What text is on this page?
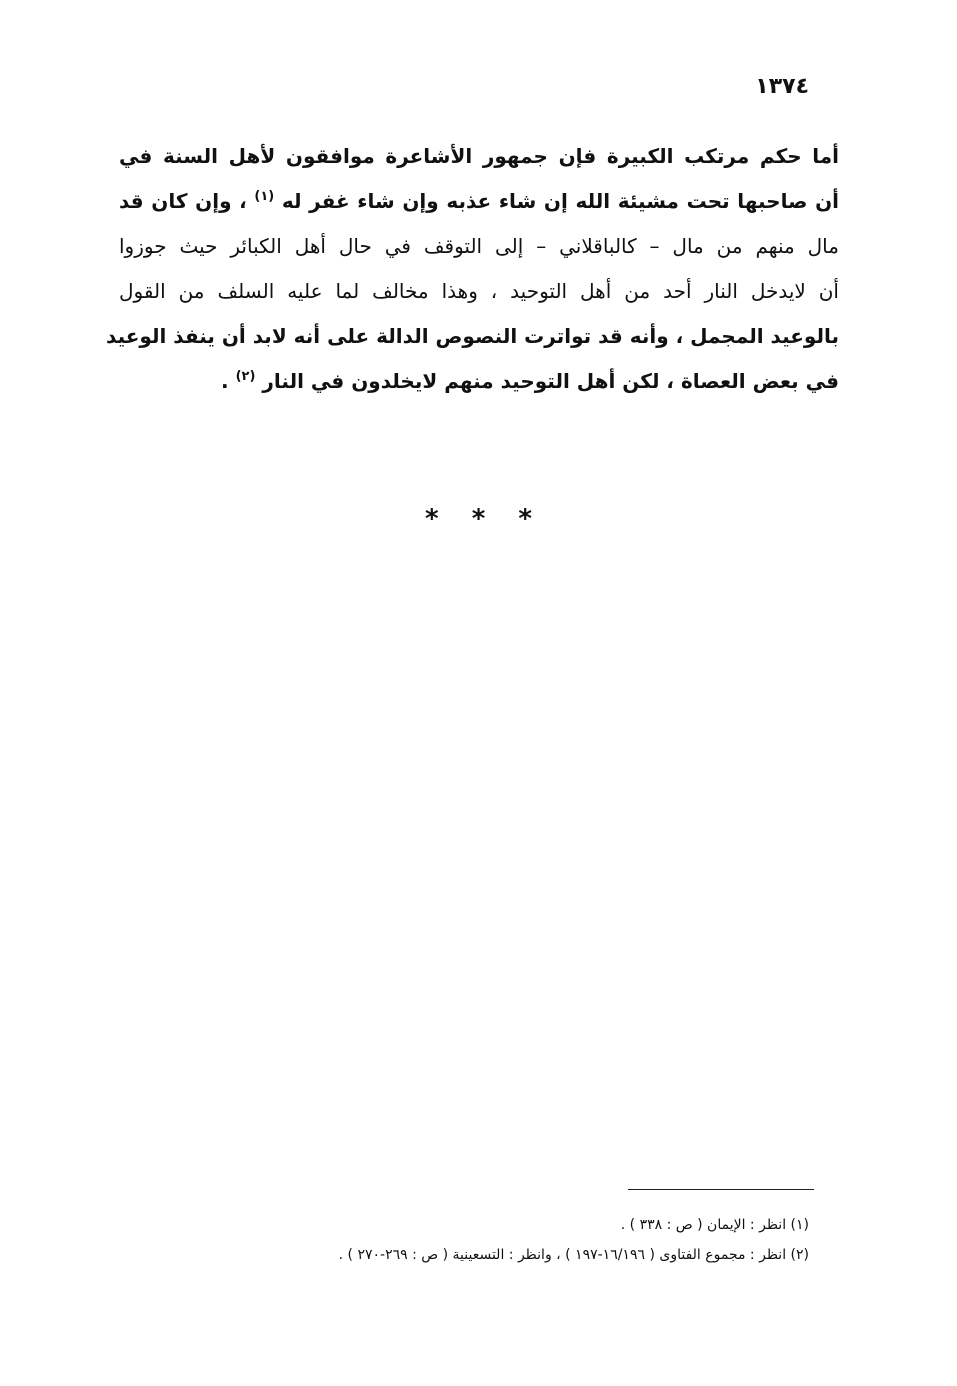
١٣٧٤
أما حكم مرتكب الكبيرة فإن جمهور الأشاعرة موافقون لأهل السنة في
أن صاحبها تحت مشيئة الله إن شاء عذبه وإن شاء غفر له $^{(١)}$ ، وإن كان قد
مال منهم من مال – كالباقلاني – إلى التوقف في حال أهل الكبائر حيث جوزوا
أن لايدخل النار أحد من أهل التوحيد ، وهذا مخالف لما عليه السلف من القول
بالوعيد المجمل ، وأنه قد تواترت النصوص الدالة على أنه لابد أن ينفذ الوعيد
في بعض العصاة ، لكن أهل التوحيد منهم لايخلدون في النار $^{(٢)}$ .
* * *
(١) انظر : الإيمان ( ص : ٣٣٨ ) .
(٢) انظر : مجموع الفتاوى ( ١٦/١٩٦-١٩٧ ) ، وانظر : التسعينية ( ص : ٢٦٩-٢٧٠ ) .
